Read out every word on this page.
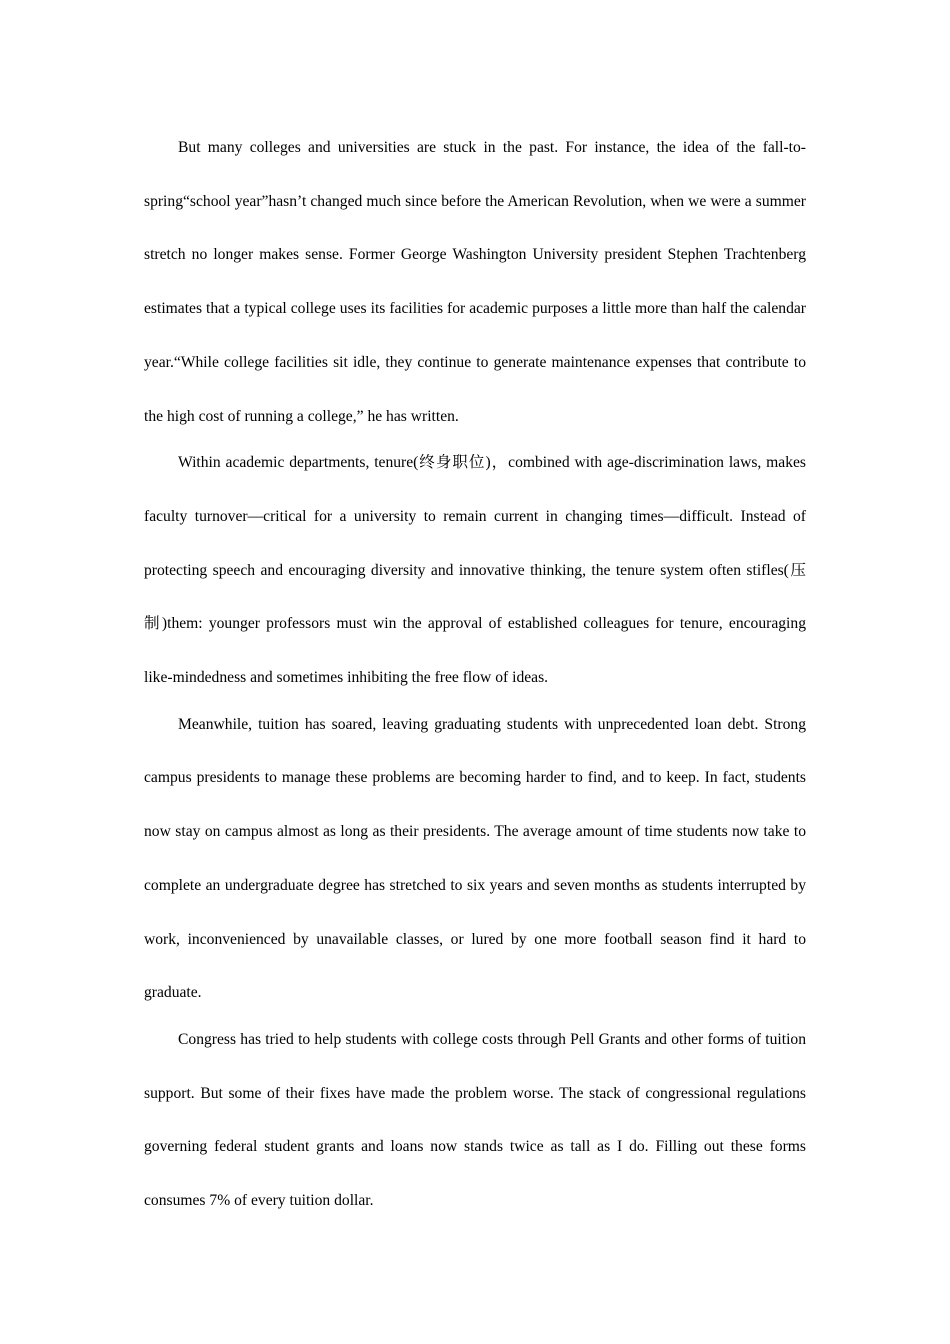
But many colleges and universities are stuck in the past. For instance, the idea of the fall-to-spring“school year”hasn’t changed much since before the American Revolution, when we were a summer stretch no longer makes sense. Former George Washington University president Stephen Trachtenberg estimates that a typical college uses its facilities for academic purposes a little more than half the calendar year.“While college facilities sit idle, they continue to generate maintenance expenses that contribute to the high cost of running a college,” he has written.

Within academic departments, tenure(终身职位)，combined with age-discrimination laws, makes faculty turnover—critical for a university to remain current in changing times—difficult. Instead of protecting speech and encouraging diversity and innovative thinking, the tenure system often stifles(压制)them: younger professors must win the approval of established colleagues for tenure, encouraging like-mindedness and sometimes inhibiting the free flow of ideas.

Meanwhile, tuition has soared, leaving graduating students with unprecedented loan debt. Strong campus presidents to manage these problems are becoming harder to find, and to keep. In fact, students now stay on campus almost as long as their presidents. The average amount of time students now take to complete an undergraduate degree has stretched to six years and seven months as students interrupted by work, inconvenienced by unavailable classes, or lured by one more football season find it hard to graduate.

Congress has tried to help students with college costs through Pell Grants and other forms of tuition support. But some of their fixes have made the problem worse. The stack of congressional regulations governing federal student grants and loans now stands twice as tall as I do. Filling out these forms consumes 7% of every tuition dollar.
